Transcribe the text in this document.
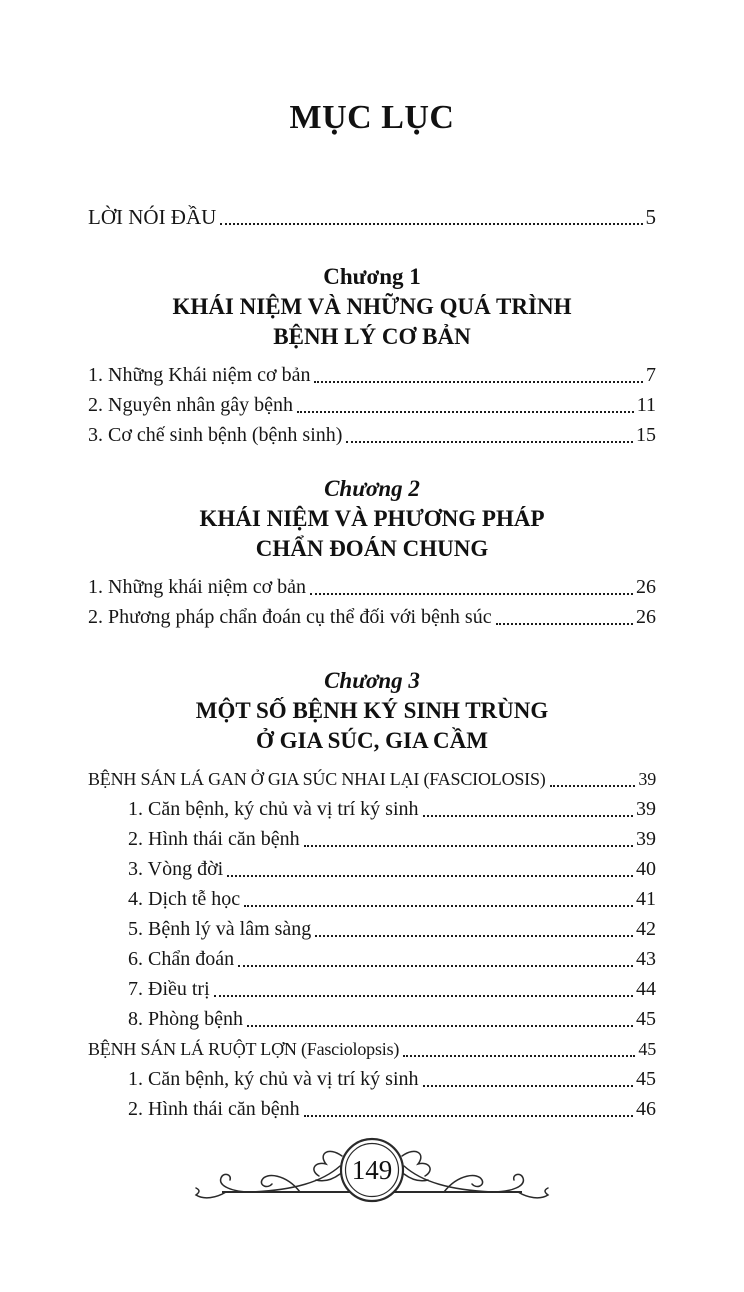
MỤC LỤC
LỜI NÓI ĐẦU	5
Chương 1
KHÁI NIỆM VÀ NHỮNG QUÁ TRÌNH
BỆNH LÝ CƠ BẢN
1. Những Khái niệm cơ bản	7
2. Nguyên nhân gây bệnh	11
3. Cơ chế sinh bệnh (bệnh sinh)	15
Chương 2
KHÁI NIỆM VÀ PHƯƠNG PHÁP
CHẨN ĐOÁN CHUNG
1. Những khái niệm cơ bản	26
2. Phương pháp chẩn đoán cụ thể đối với bệnh súc	26
Chương 3
MỘT SỐ BỆNH KÝ SINH TRÙNG
Ở GIA SÚC, GIA CẦM
BỆNH SÁN LÁ GAN Ở GIA SÚC NHAI LẠI (FASCIOLOSIS)	39
1. Căn bệnh, ký chủ và vị trí ký sinh	39
2. Hình thái căn bệnh	39
3. Vòng đời	40
4. Dịch tễ học	41
5. Bệnh lý và lâm sàng	42
6. Chẩn đoán	43
7. Điều trị	44
8. Phòng bệnh	45
BỆNH SÁN LÁ RUỘT LỢN (Fasciolopsis)	45
1. Căn bệnh, ký chủ và vị trí ký sinh	45
2. Hình thái căn bệnh	46
149
